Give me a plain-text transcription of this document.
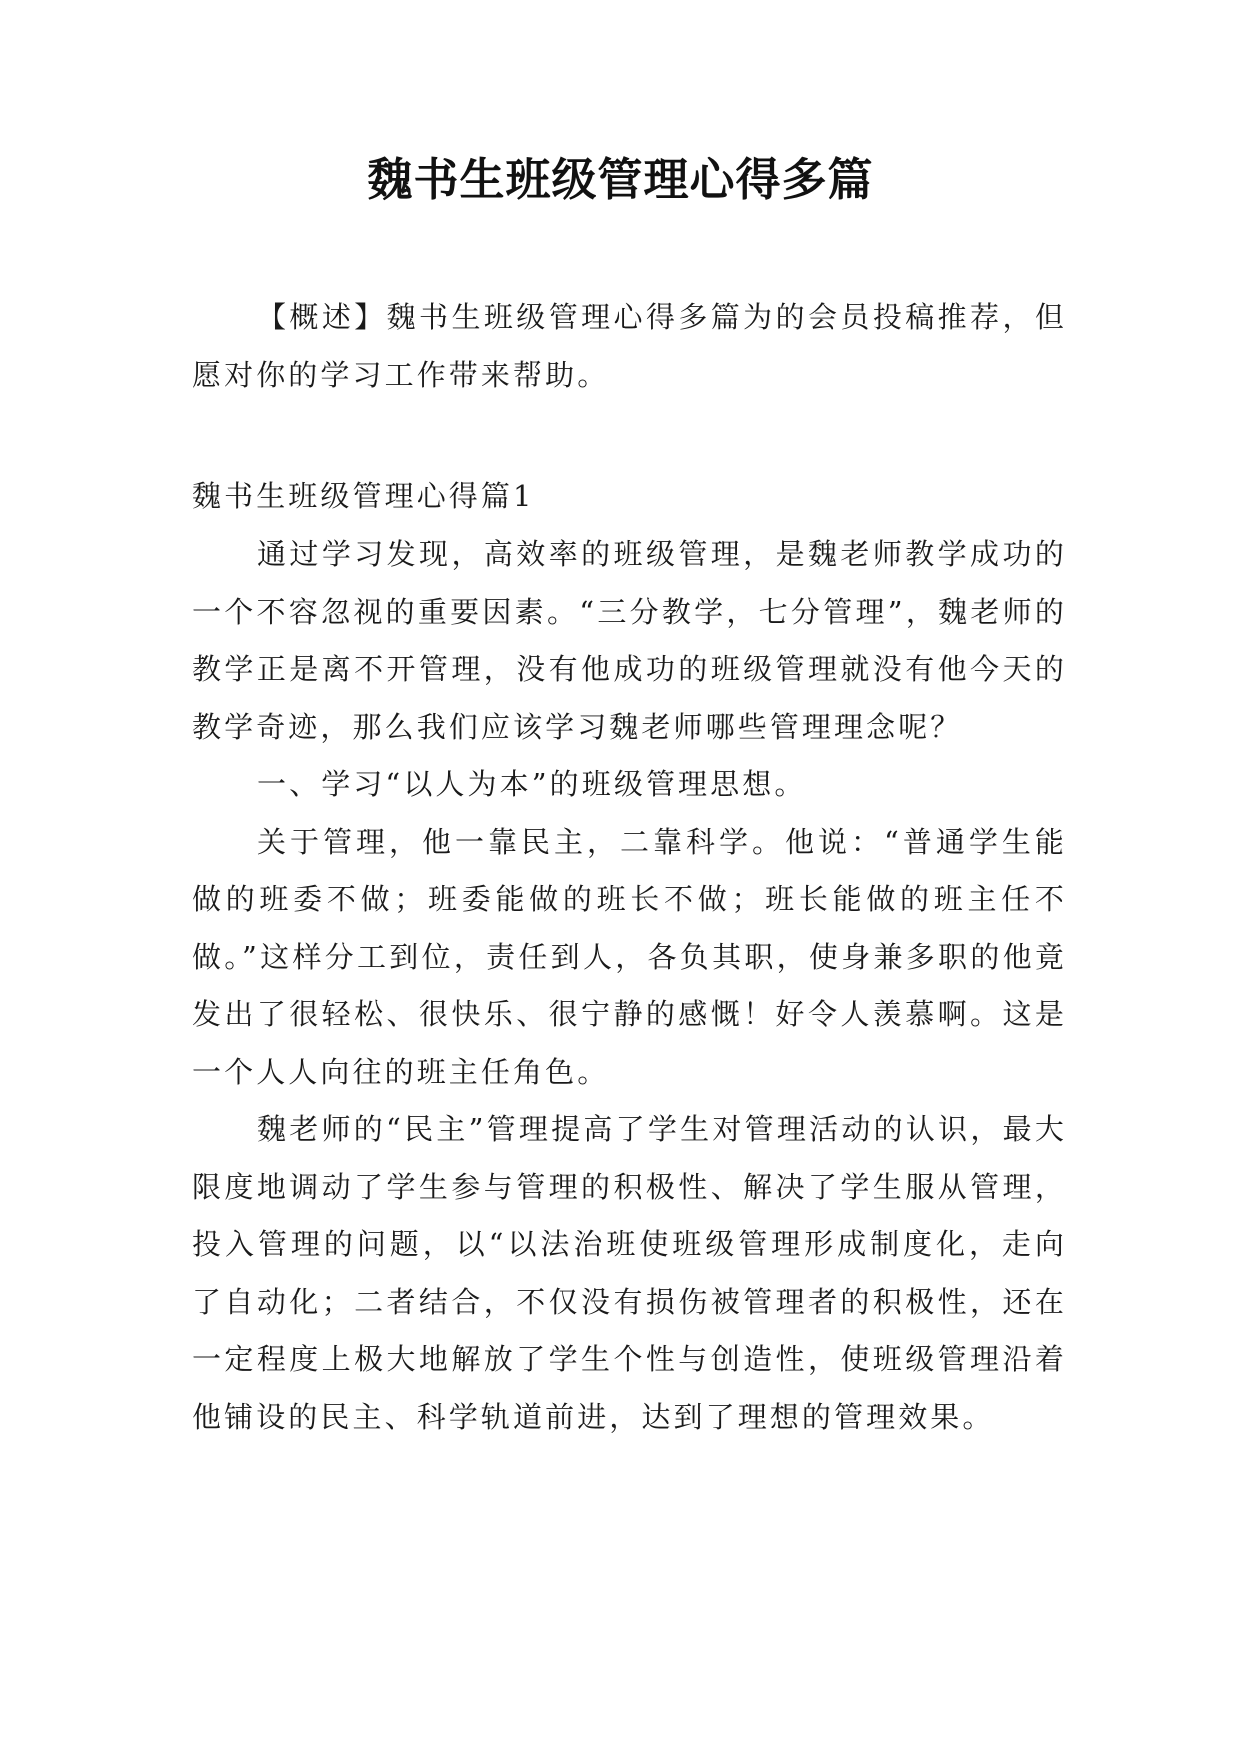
魏书生班级管理心得多篇

【概述】魏书生班级管理心得多篇为的会员投稿推荐，但愿对你的学习工作带来帮助。

魏书生班级管理心得篇1

通过学习发现，高效率的班级管理，是魏老师教学成功的一个不容忽视的重要因素。“三分教学，七分管理”，魏老师的教学正是离不开管理，没有他成功的班级管理就没有他今天的教学奇迹，那么我们应该学习魏老师哪些管理理念呢？

一、学习“以人为本”的班级管理思想。

关于管理，他一靠民主，二靠科学。他说：“普通学生能做的班委不做；班委能做的班长不做；班长能做的班主任不做。”这样分工到位，责任到人，各负其职，使身兼多职的他竟发出了很轻松、很快乐、很宁静的感慨！好令人羡慕啊。这是一个人人向往的班主任角色。

魏老师的“民主”管理提高了学生对管理活动的认识，最大限度地调动了学生参与管理的积极性、解决了学生服从管理，投入管理的问题，以“以法治班使班级管理形成制度化，走向了自动化；二者结合，不仅没有损伤被管理者的积极性，还在一定程度上极大地解放了学生个性与创造性，使班级管理沿着他铺设的民主、科学轨道前进，达到了理想的管理效果。
